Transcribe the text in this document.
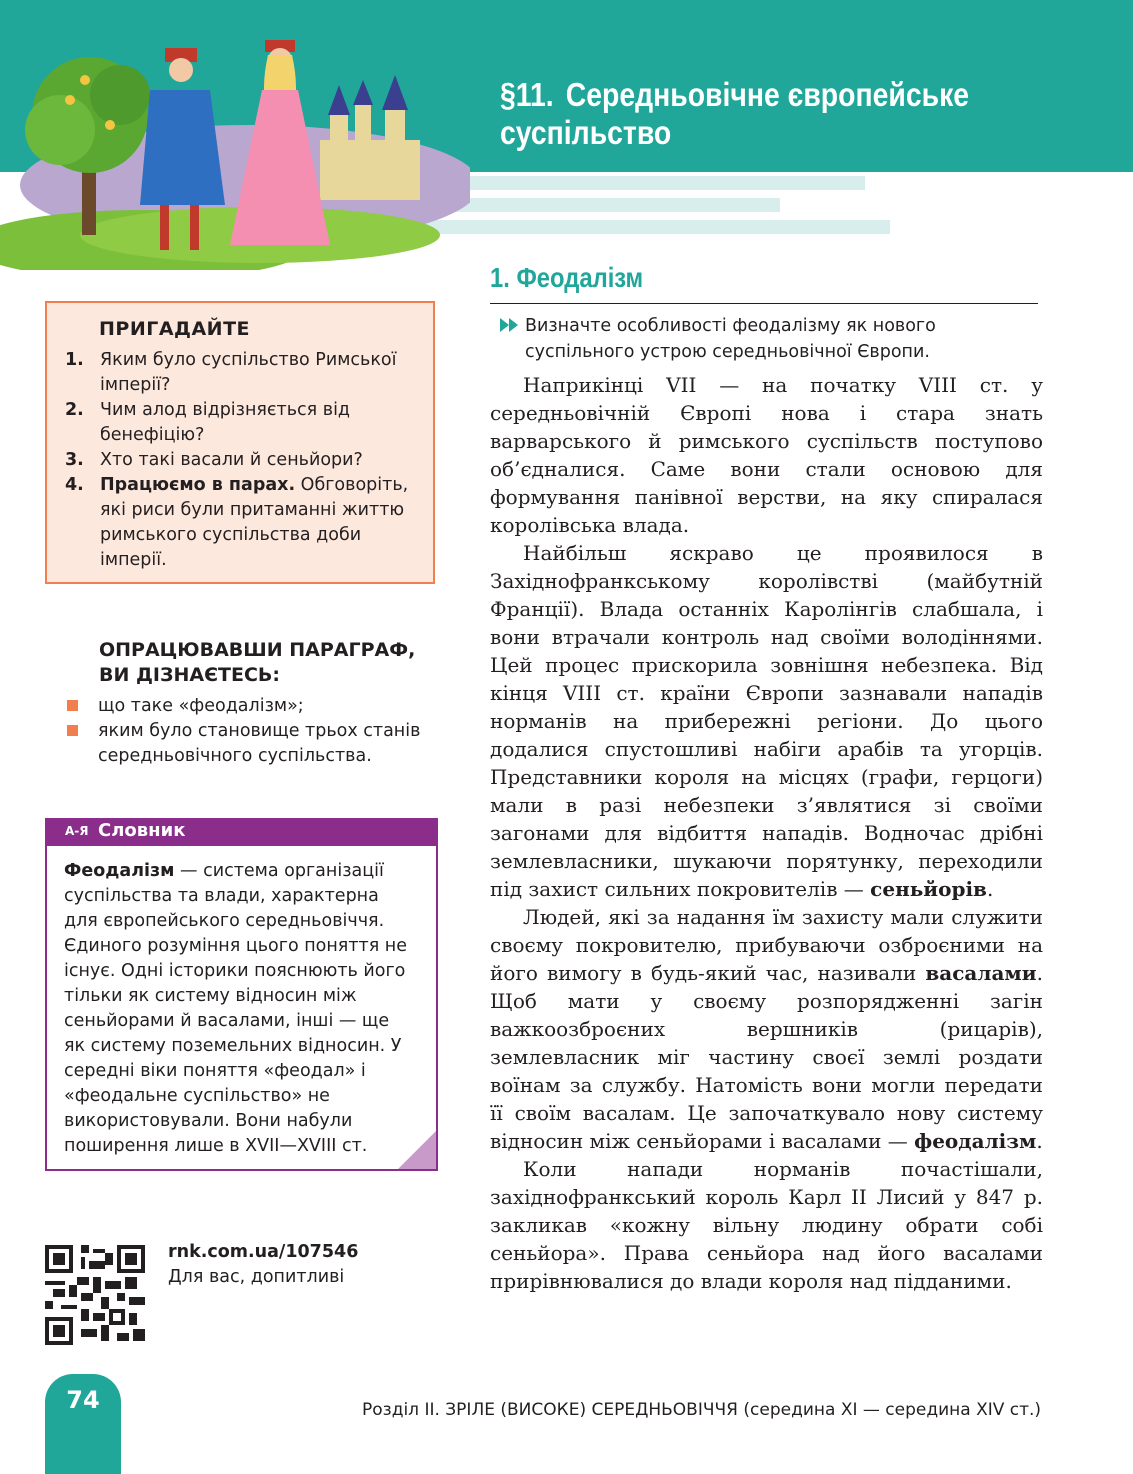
§11. Середньовічне європейське
суспільство
1. Феодалізм
Визначте особливості феодалізму як нового
суспільного устрою середньовічної Європи.

Наприкінці VII — на початку VIII ст. у середньовічній Європі нова і стара знать варварського й римського суспільств поступово об’єдналися. Саме вони стали основою для формування панівної верстви, на яку спиралася королівська влада.

Найбільш яскраво це проявилося в Західнофранкському королівстві (майбутній Франції). Влада останніх Каролінгів слабшала, і вони втрачали контроль над своїми володіннями. Цей процес прискорила зовнішня небезпека. Від кінця VIII ст. країни Європи зазнавали нападів норманів на прибережні регіони. До цього додалися спустошливі набіги арабів та угорців. Представники короля на місцях (графи, герцоги) мали в разі небезпеки з’являтися зі своїми загонами для відбиття нападів. Водночас дрібні землевласники, шукаючи порятунку, переходили під захист сильних покровителів — сеньйорів.

Людей, які за надання їм захисту мали служити своєму покровителю, прибуваючи озброєними на його вимогу в будь-який час, називали васалами. Щоб мати у своєму розпорядженні загін важкоозброєних вершників (рицарів), землевласник міг частину своєї землі роздати воїнам за службу. Натомість вони могли передати її своїм васалам. Це започаткувало нову систему відносин між сеньйорами і васалами — феодалізм.

Коли напади норманів почастішали, західнофранкський король Карл II Лисий у 847 р. закликав «кожну вільну людину обрати собі сеньйора». Права сеньйора над його васалами прирівнювалися до влади короля над підданими.

ПРИГАДАЙТЕ
1. Яким було суспільство Римської імперії?
2. Чим алод відрізняється від бенефіцію?
3. Хто такі васали й сеньйори?
4. Працюємо в парах. Обговоріть, які риси були притаманні життю римського суспільства доби імперії.
ОПРАЦЮВАВШИ ПАРАГРАФ, ВИ ДІЗНАЄТЕСЬ:
що таке «феодалізм»;
яким було становище трьох станів середньовічного суспільства.
А-Я Словник
Феодалізм — система організації суспільства та влади, характерна для європейського середньовіччя. Єдиного розуміння цього поняття не існує. Одні історики пояснюють його тільки як систему відносин між сеньйорами й васалами, інші — ще як систему поземельних відносин. У середні віки поняття «феодал» і «феодальне суспільство» не використовували. Вони набули поширення лише в XVII—XVIII ст.
rnk.com.ua/107546
Для вас, допитливі
74	Розділ II. ЗРІЛЕ (ВИСОКЕ) СЕРЕДНЬОВІЧЧЯ (середина XI — середина XIV ст.)
